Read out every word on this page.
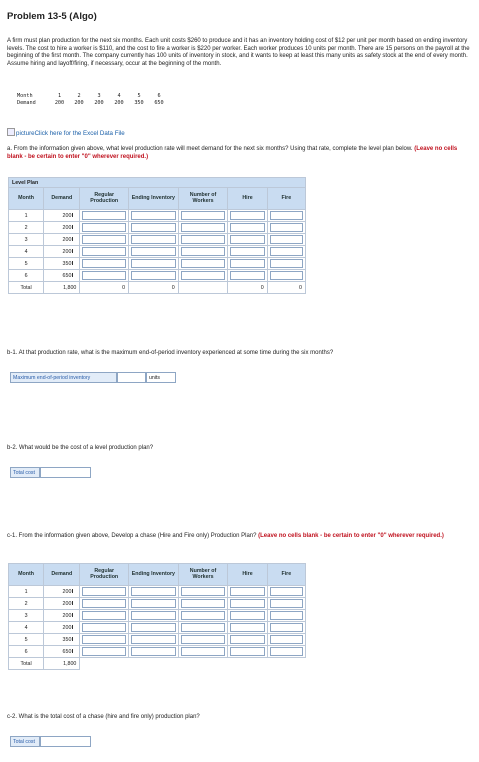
Problem 13-5 (Algo)
A firm must plan production for the next six months. Each unit costs $260 to produce and it has an inventory holding cost of $12 per unit per month based on ending inventory levels. The cost to hire a worker is $110, and the cost to fire a worker is $220 per worker. Each worker produces 10 units per month. There are 15 persons on the payroll at the beginning of the first month. The company currently has 100 units of inventory in stock, and it wants to keep at least this many units as safety stock at the end of every month. Assume hiring and layoff/firing, if necessary, occur at the beginning of the month.
Month	1	2	3	4	5	6
Demand	200 200 200 200 350 650
pictureClick here for the Excel Data File
a. From the information given above, what level production rate will meet demand for the next six months? Using that rate, complete the level plan below. (Leave no cells blank - be certain to enter "0" wherever required.)
Level Plan						
Month	Demand	Regular Production	Ending Inventory	Number of Workers	Hire	Fire
1	200	

2	200	

3	200	

4	200	

5	350	

6	650	

Total	1,800	0	0		0	0
b-1. At that production rate, what is the maximum end-of-period inventory experienced at some time during the six months?
Maximum end-of-period inventory	units
b-2. What would be the cost of a level production plan?
Total cost
c-1. From the information given above, Develop a chase (Hire and Fire only) Production Plan? (Leave no cells blank - be certain to enter "0" wherever required.)
Month	Demand	Regular Production	Ending Inventory	Number of Workers	Hire	Fire
1	200	

2	200	

3	200	

4	200	

5	350	

6	650	

Total	1,800					
c-2. What is the total cost of a chase (hire and fire only) production plan?
Total cost
